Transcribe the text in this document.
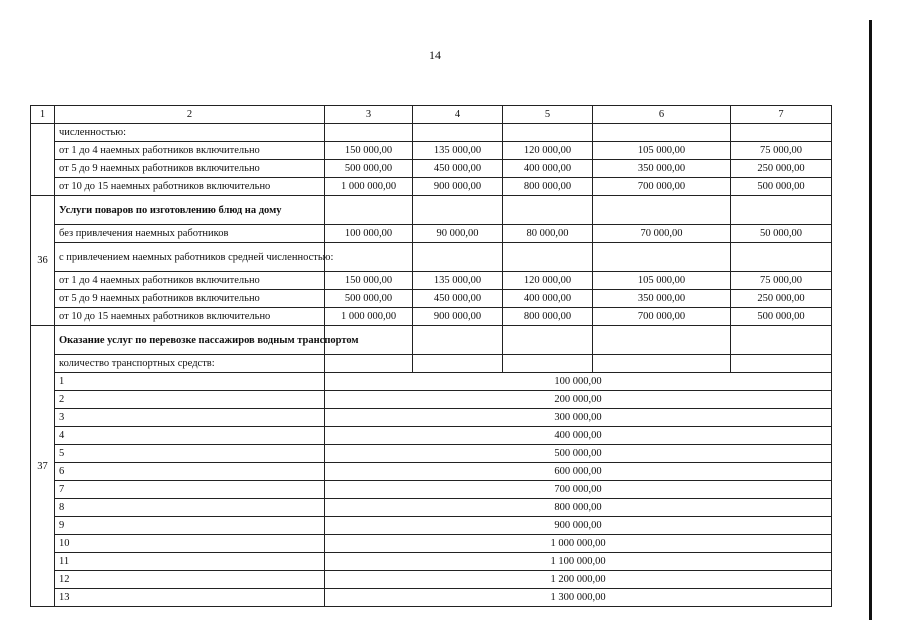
14
1	2	3	4	5	6	7
	численностью:					
	от 1 до 4 наемных работников включительно	150 000,00	135 000,00	120 000,00	105 000,00	75 000,00
	от 5 до 9 наемных работников включительно	500 000,00	450 000,00	400 000,00	350 000,00	250 000,00
	от 10 до 15 наемных работников включительно	1 000 000,00	900 000,00	800 000,00	700 000,00	500 000,00
36	Услуги поваров по изготовлению блюд на дому					
	без привлечения наемных работников	100 000,00	90 000,00	80 000,00	70 000,00	50 000,00
	с привлечением наемных работников средней численностью:					
	от 1 до 4 наемных работников включительно	150 000,00	135 000,00	120 000,00	105 000,00	75 000,00
	от 5 до 9 наемных работников включительно	500 000,00	450 000,00	400 000,00	350 000,00	250 000,00
	от 10 до 15 наемных работников включительно	1 000 000,00	900 000,00	800 000,00	700 000,00	500 000,00
37	Оказание услуг по перевозке пассажиров водным транспортом					
	количество транспортных средств:					
	1	100 000,00				
	2	200 000,00				
	3	300 000,00				
	4	400 000,00				
	5	500 000,00				
	6	600 000,00				
	7	700 000,00				
	8	800 000,00				
	9	900 000,00				
	10	1 000 000,00				
	11	1 100 000,00				
	12	1 200 000,00				
	13	1 300 000,00				
